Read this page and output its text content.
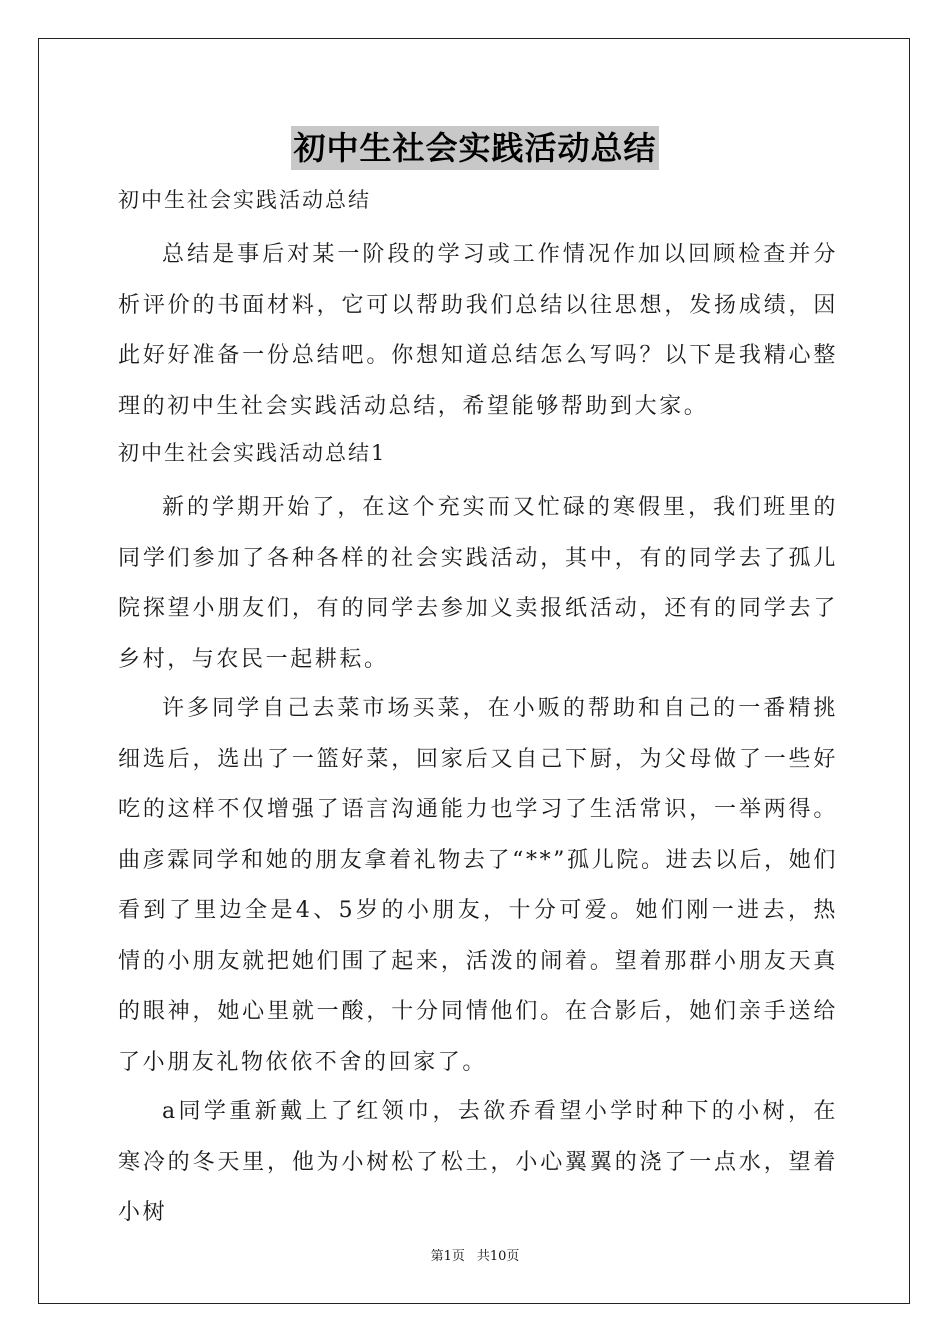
初中生社会实践活动总结
初中生社会实践活动总结

总结是事后对某一阶段的学习或工作情况作加以回顾检查并分析评价的书面材料，它可以帮助我们总结以往思想，发扬成绩，因此好好准备一份总结吧。你想知道总结怎么写吗？以下是我精心整理的初中生社会实践活动总结，希望能够帮助到大家。

初中生社会实践活动总结1

新的学期开始了，在这个充实而又忙碌的寒假里，我们班里的同学们参加了各种各样的社会实践活动，其中，有的同学去了孤儿院探望小朋友们，有的同学去参加义卖报纸活动，还有的同学去了乡村，与农民一起耕耘。

许多同学自己去菜市场买菜，在小贩的帮助和自己的一番精挑细选后，选出了一篮好菜，回家后又自己下厨，为父母做了一些好吃的这样不仅增强了语言沟通能力也学习了生活常识，一举两得。曲彦霖同学和她的朋友拿着礼物去了“**”孤儿院。进去以后，她们看到了里边全是4、5岁的小朋友，十分可爱。她们刚一进去，热情的小朋友就把她们围了起来，活泼的闹着。望着那群小朋友天真的眼神，她心里就一酸，十分同情他们。在合影后，她们亲手送给了小朋友礼物依依不舍的回家了。

a同学重新戴上了红领巾，去欲乔看望小学时种下的小树，在寒冷的冬天里，他为小树松了松土，小心翼翼的浇了一点水，望着小树

第1页 共10页
